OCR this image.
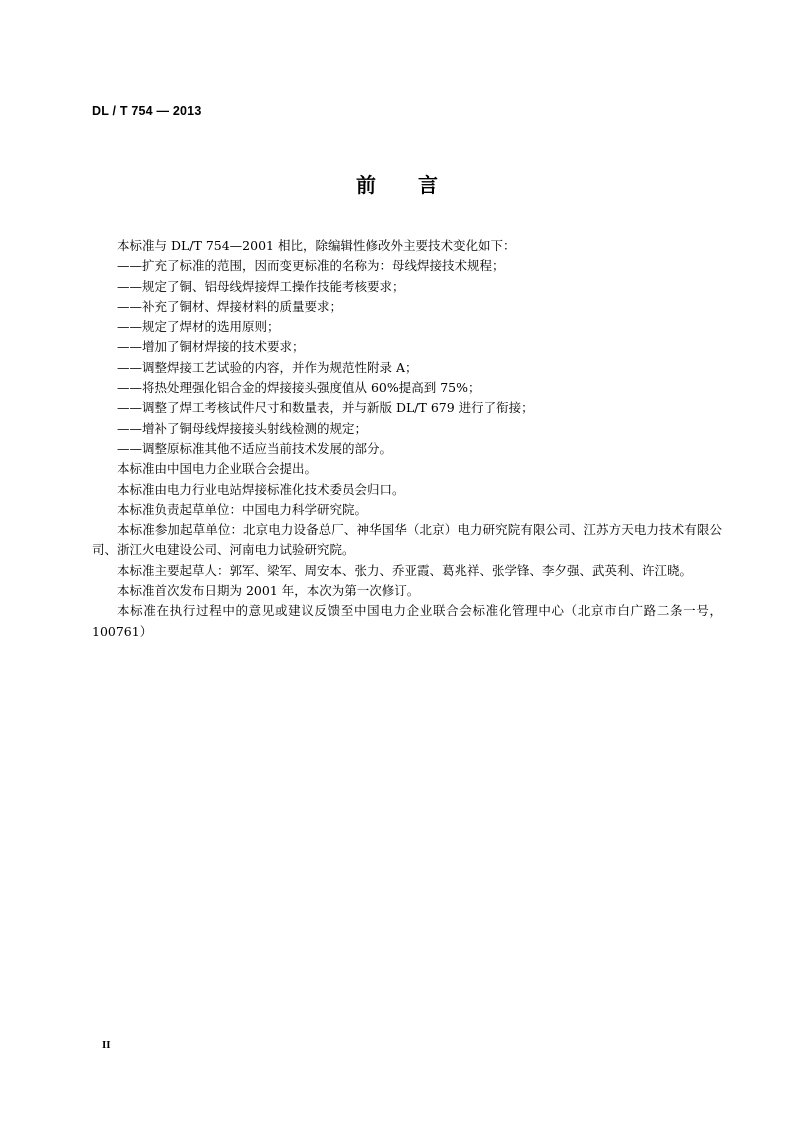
DL / T 754 — 2013
前言

本标准与 DL/T 754—2001 相比，除编辑性修改外主要技术变化如下：

——扩充了标准的范围，因而变更标准的名称为：母线焊接技术规程；

——规定了铜、铝母线焊接焊工操作技能考核要求；

——补充了铜材、焊接材料的质量要求；

——规定了焊材的选用原则；

——增加了铜材焊接的技术要求；

——调整焊接工艺试验的内容，并作为规范性附录 A；

——将热处理强化铝合金的焊接接头强度值从 60%提高到 75%；

——调整了焊工考核试件尺寸和数量表，并与新版 DL/T 679 进行了衔接；

——增补了铜母线焊接接头射线检测的规定；

——调整原标准其他不适应当前技术发展的部分。

本标准由中国电力企业联合会提出。

本标准由电力行业电站焊接标准化技术委员会归口。

本标准负责起草单位：中国电力科学研究院。

本标准参加起草单位：北京电力设备总厂、神华国华（北京）电力研究院有限公司、江苏方天电力技术有限公司、浙江火电建设公司、河南电力试验研究院。

本标准主要起草人：郭军、梁军、周安本、张力、乔亚霞、葛兆祥、张学锋、李夕强、武英利、许江晓。

本标准首次发布日期为 2001 年，本次为第一次修订。

本标准在执行过程中的意见或建议反馈至中国电力企业联合会标准化管理中心（北京市白广路二条一号，100761）

II
